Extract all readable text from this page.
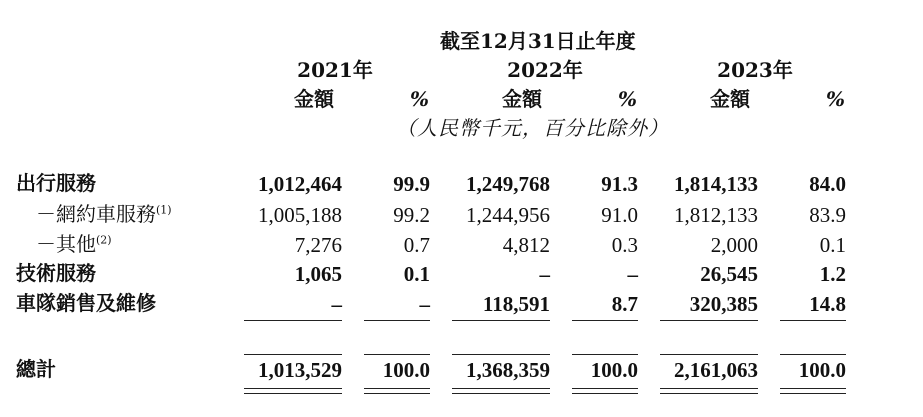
截至12月31日止年度
2021年	2022年	2023年
金額	%	金額	%	金額	%
（人民幣千元，百分比除外）
出行服務	1,012,464	99.9	1,249,768	91.3	1,814,133	84.0
－網約車服務$^{(1)}$	1,005,188	99.2	1,244,956	91.0	1,812,133	83.9
－其他$^{(2)}$	7,276	0.7	4,812	0.3	2,000	0.1
技術服務	1,065	0.1	–	–	26,545	1.2
車隊銷售及維修	–	–	118,591	8.7	320,385	14.8
總計	1,013,529	100.0	1,368,359	100.0	2,161,063	100.0
